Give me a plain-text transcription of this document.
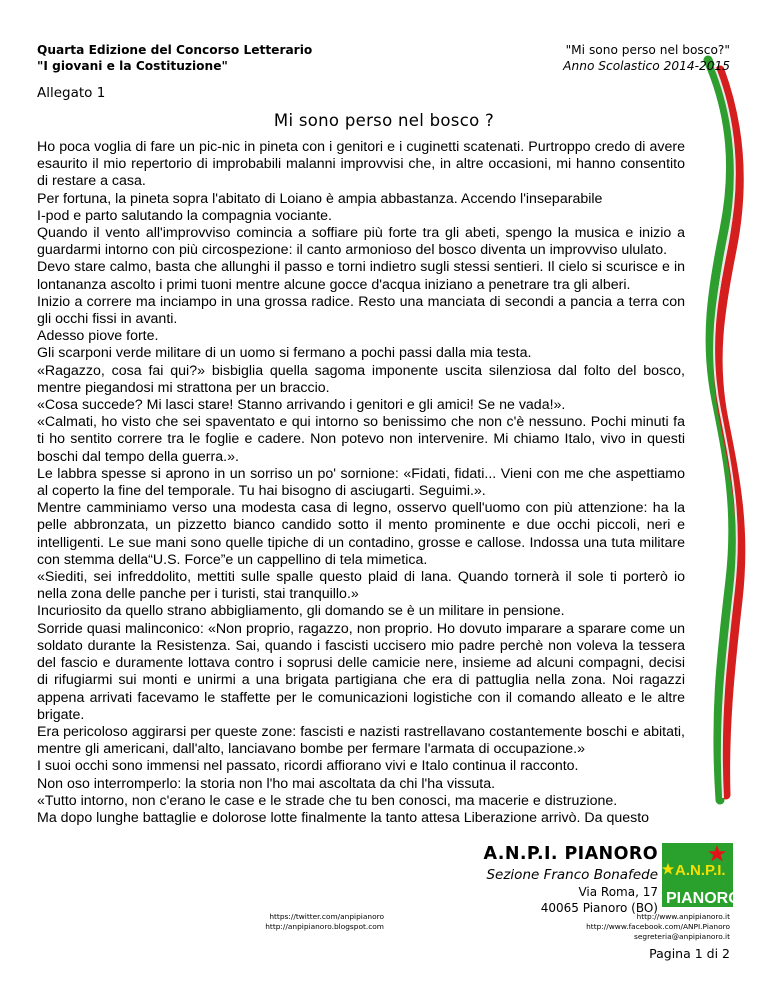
Quarta Edizione del Concorso Letterario
"I giovani e la Costituzione"
"Mi sono perso nel bosco?"
Anno Scolastico 2014-2015
Allegato 1
Mi sono perso nel bosco ?

Ho poca voglia di fare un pic-nic in pineta con i genitori e i cuginetti scatenati. Purtroppo credo di avere esaurito il mio repertorio di improbabili malanni improvvisi che, in altre occasioni, mi hanno consentito di restare a casa.

Per fortuna, la pineta sopra l'abitato di Loiano è ampia abbastanza. Accendo l'inseparabile

I-pod e parto salutando la compagnia vociante.

Quando il vento all'improvviso comincia a soffiare più forte tra gli abeti, spengo la musica e inizio a guardarmi intorno con più circospezione: il canto armonioso del bosco diventa un improvviso ululato.

Devo stare calmo, basta che allunghi il passo e torni indietro sugli stessi sentieri. Il cielo si scurisce e in lontananza ascolto i primi tuoni mentre alcune gocce d'acqua iniziano a penetrare tra gli alberi.

Inizio a correre ma inciampo in una grossa radice. Resto una manciata di secondi a pancia a terra con gli occhi fissi in avanti.

Adesso piove forte.

Gli scarponi verde militare di un uomo si fermano a pochi passi dalla mia testa.

«Ragazzo, cosa fai qui?» bisbiglia quella sagoma imponente uscita silenziosa dal folto del bosco, mentre piegandosi mi strattona per un braccio.

«Cosa succede? Mi lasci stare! Stanno arrivando i genitori e gli amici! Se ne vada!».

«Calmati, ho visto che sei spaventato e qui intorno so benissimo che non c'è nessuno. Pochi minuti fa ti ho sentito correre tra le foglie e cadere. Non potevo non intervenire. Mi chiamo Italo, vivo in questi boschi dal tempo della guerra.».

Le labbra spesse si aprono in un sorriso un po' sornione: «Fidati, fidati... Vieni con me che aspettiamo al coperto la fine del temporale. Tu hai bisogno di asciugarti. Seguimi.».

Mentre camminiamo verso una modesta casa di legno, osservo quell'uomo con più attenzione: ha la pelle abbronzata, un pizzetto bianco candido sotto il mento prominente e due occhi piccoli, neri e intelligenti. Le sue mani sono quelle tipiche di un contadino, grosse e callose. Indossa una tuta militare con stemma della“U.S. Force”e un cappellino di tela mimetica.

«Siediti, sei infreddolito, mettiti sulle spalle questo plaid di lana. Quando tornerà il sole ti porterò io nella zona delle panche per i turisti, stai tranquillo.»

Incuriosito da quello strano abbigliamento, gli domando se è un militare in pensione.

Sorride quasi malinconico: «Non proprio, ragazzo, non proprio. Ho dovuto imparare a sparare come un soldato durante la Resistenza. Sai, quando i fascisti uccisero mio padre perchè non voleva la tessera del fascio e duramente lottava contro i soprusi delle camicie nere, insieme ad alcuni compagni, decisi di rifugiarmi sui monti e unirmi a una brigata partigiana che era di pattuglia nella zona. Noi ragazzi appena arrivati facevamo le staffette per le comunicazioni logistiche con il comando alleato e le altre brigate.

Era pericoloso aggirarsi per queste zone: fascisti e nazisti rastrellavano costantemente boschi e abitati, mentre gli americani, dall'alto, lanciavano bombe per fermare l'armata di occupazione.»

I suoi occhi sono immensi nel passato, ricordi affiorano vivi e Italo continua il racconto.

Non oso interromperlo: la storia non l'ho mai ascoltata da chi l'ha vissuta.

«Tutto intorno, non c'erano le case e le strade che tu ben conosci, ma macerie e distruzione.

Ma dopo lunghe battaglie e dolorose lotte finalmente la tanto attesa Liberazione arrivò. Da questo

A.N.P.I. PIANORO
Sezione Franco Bonafede
Via Roma, 17
40065 Pianoro (BO)
A.N.P.I.
PIANORO
https://twitter.com/anpipianoro
http://anpipianoro.blogspot.com
http://www.anpipianoro.it
http://www.facebook.com/ANPI.Pianoro
segreteria@anpipianoro.it
Pagina 1 di 2
